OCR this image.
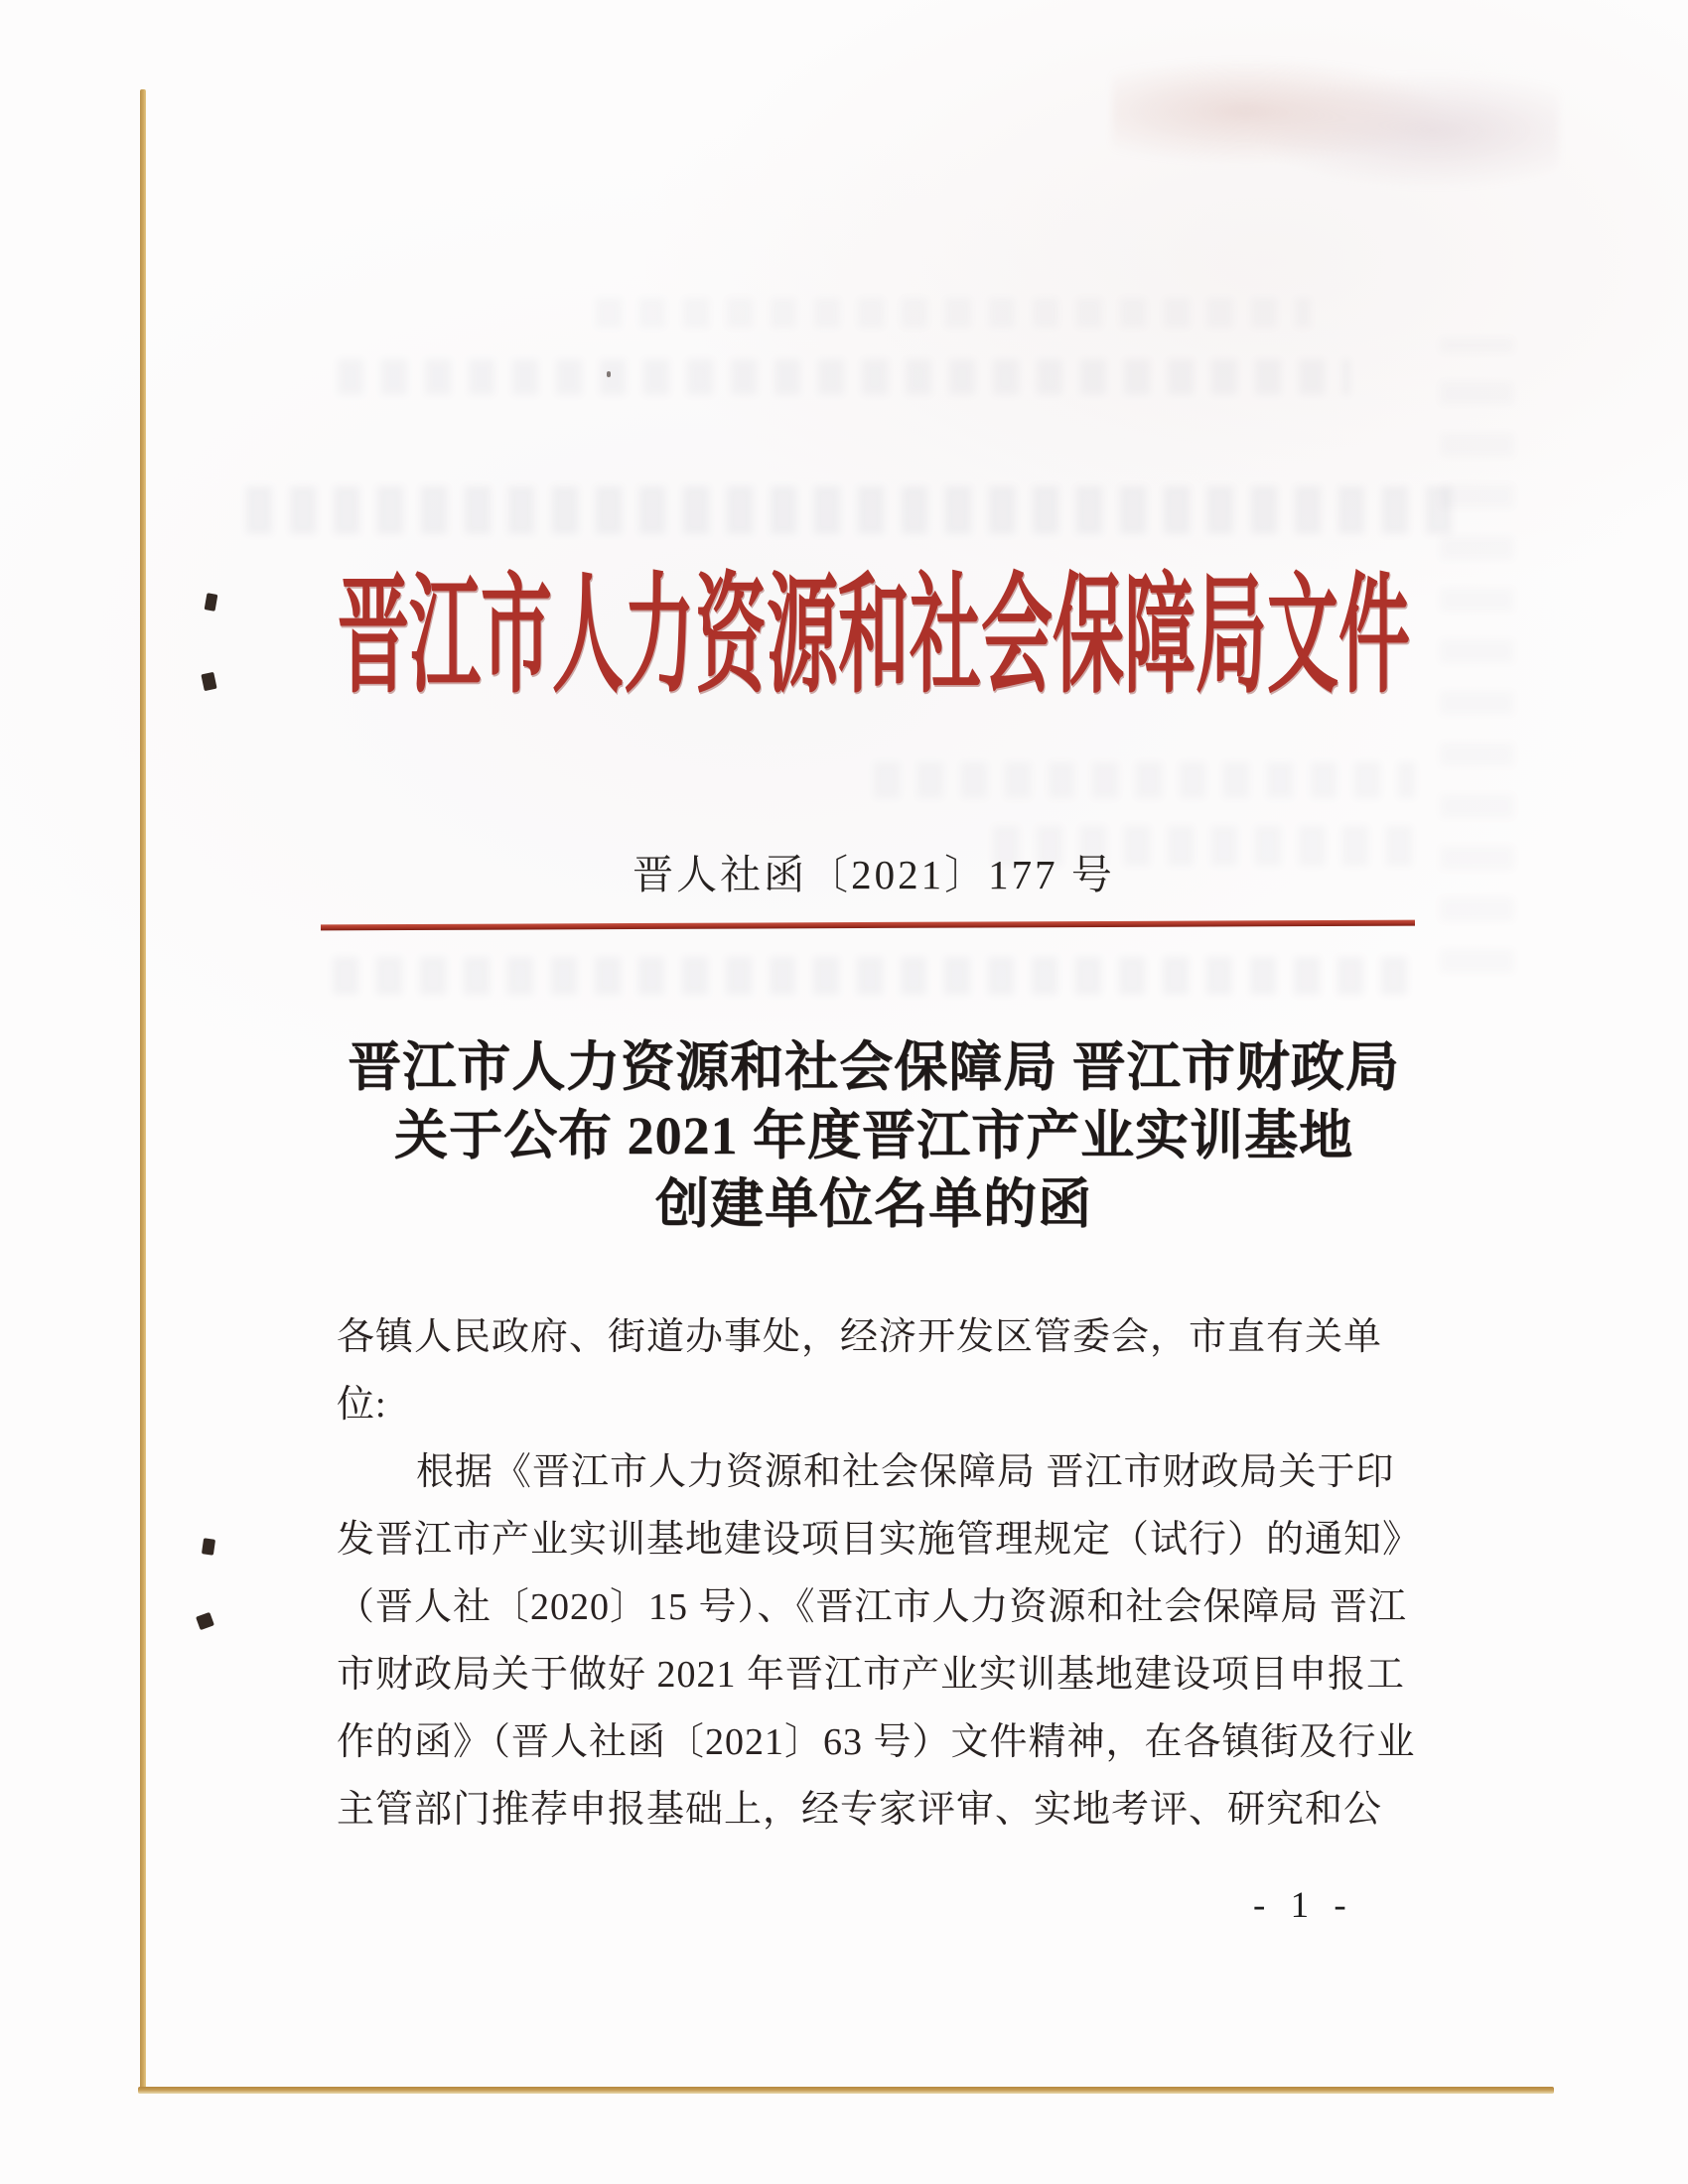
晋江市人力资源和社会保障局文件
晋人社函〔2021〕177 号
晋江市人力资源和社会保障局 晋江市财政局
关于公布 2021 年度晋江市产业实训基地
创建单位名单的函
各镇人民政府、街道办事处，经济开发区管委会，市直有关单
位:
根据《晋江市人力资源和社会保障局 晋江市财政局关于印
发晋江市产业实训基地建设项目实施管理规定（试行）的通知》
（晋人社〔2020〕15 号）、《晋江市人力资源和社会保障局 晋江
市财政局关于做好 2021 年晋江市产业实训基地建设项目申报工
作的函》（晋人社函〔2021〕63 号）文件精神，在各镇街及行业
主管部门推荐申报基础上，经专家评审、实地考评、研究和公
- 1 -
